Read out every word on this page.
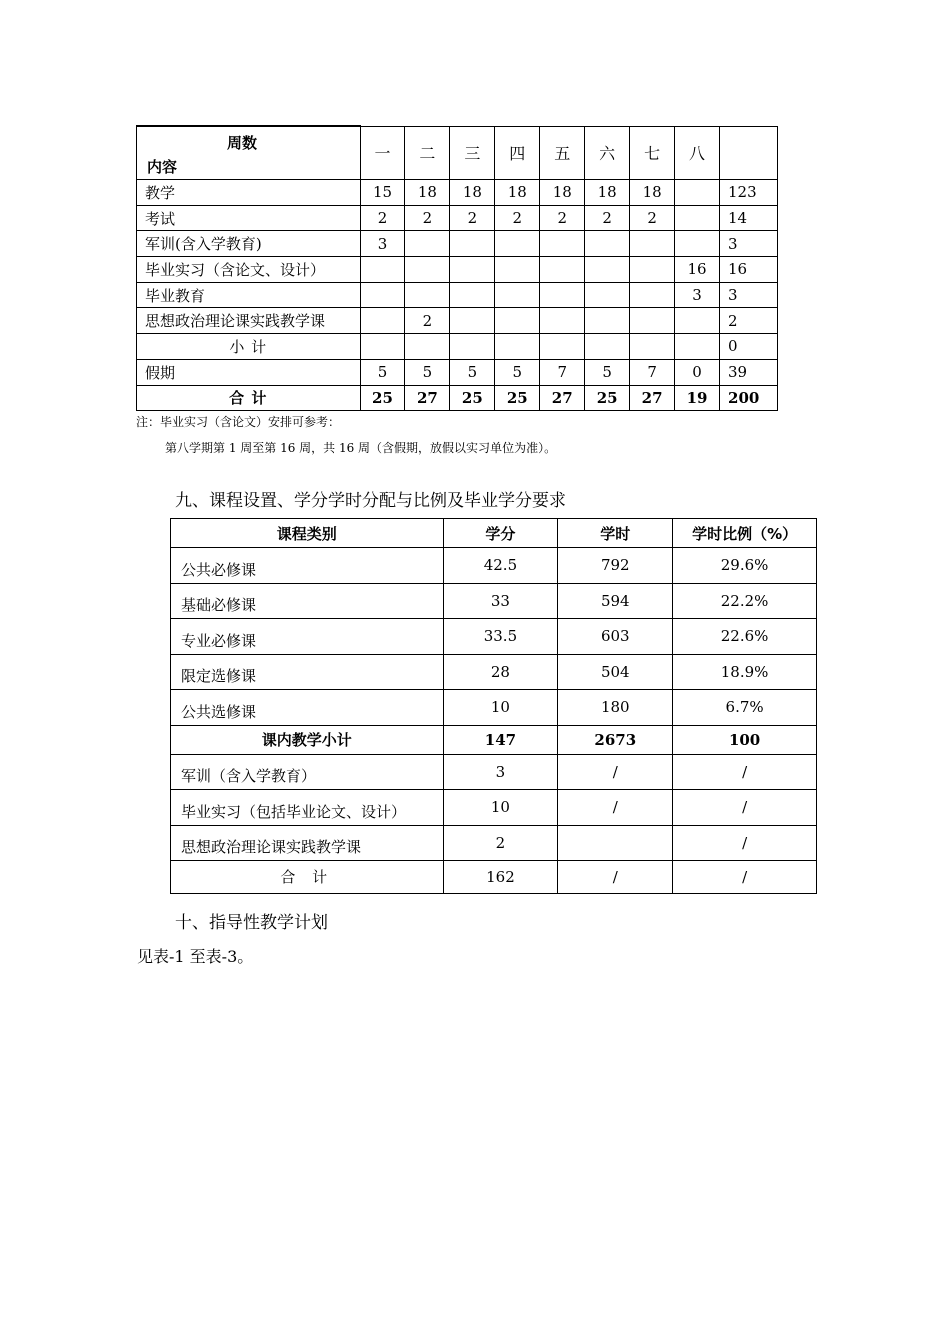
周数
内容	一	二	三	四	五	六	七	八	
教学	15	18	18	18	18	18	18		123
考试	2	2	2	2	2	2	2		14
军训(含入学教育)	3								3
毕业实习（含论文、设计）								16	16
毕业教育								3	3
思想政治理论课实践教学课		2							2
小 计									0
假期	5	5	5	5	7	5	7	0	39
合 计	25	27	25	25	27	25	27	19	200
注：毕业实习（含论文）安排可参考：
第八学期第 1 周至第 16 周，共 16 周（含假期，放假以实习单位为准）。
九、课程设置、学分学时分配与比例及毕业学分要求
课程类别	学分	学时	学时比例（%）
公共必修课	42.5	792	29.6%
基础必修课	33	594	22.2%
专业必修课	33.5	603	22.6%
限定选修课	28	504	18.9%
公共选修课	10	180	6.7%
课内教学小计	147	2673	100
军训（含入学教育）	3	/	/
毕业实习（包括毕业论文、设计）	10	/	/
思想政治理论课实践教学课	2		/
合 计	162	/	/
十、指导性教学计划
见表-1 至表-3。
